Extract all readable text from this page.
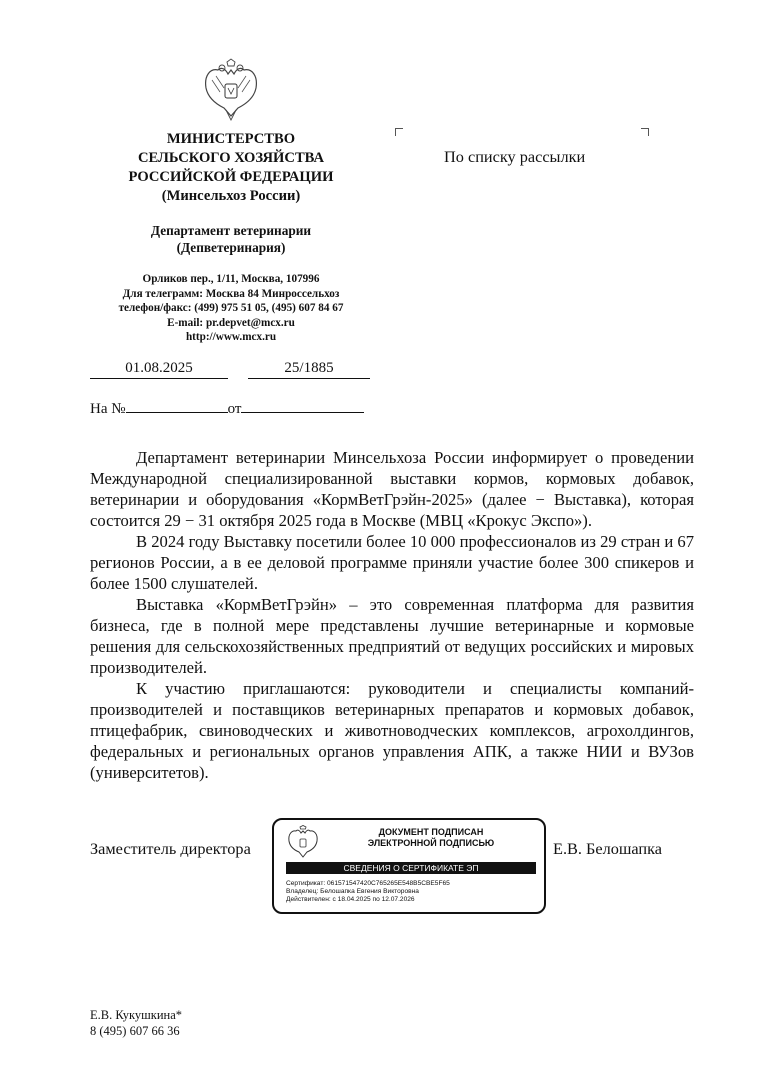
МИНИСТЕРСТВО
СЕЛЬСКОГО ХОЗЯЙСТВА
РОССИЙСКОЙ ФЕДЕРАЦИИ
(Минсельхоз России)
Департамент ветеринарии
(Депветеринария)
Орликов пер., 1/11, Москва, 107996
Для телеграмм: Москва 84 Минроссельхоз
телефон/факс: (499) 975 51 05, (495) 607 84 67
E-mail: pr.depvet@mcx.ru
http://www.mcx.ru
01.08.2025	25/1885
На №	от
По списку рассылки

Департамент ветеринарии Минсельхоза России информирует о проведении Международной специализированной выставки кормов, кормовых добавок, ветеринарии и оборудования «КормВетГрэйн-2025» (далее − Выставка), которая состоится 29 − 31 октября 2025 года в Москве (МВЦ «Крокус Экспо»).

В 2024 году Выставку посетили более 10 000 профессионалов из 29 стран и 67 регионов России, а в ее деловой программе приняли участие более 300 спикеров и более 1500 слушателей.

Выставка «КормВетГрэйн» – это современная платформа для развития бизнеса, где в полной мере представлены лучшие ветеринарные и кормовые решения для сельскохозяйственных предприятий от ведущих российских и мировых производителей.

К участию приглашаются: руководители и специалисты компаний-производителей и поставщиков ветеринарных препаратов и кормовых добавок, птицефабрик, свиноводческих и животноводческих комплексов, агрохолдингов, федеральных и региональных органов управления АПК, а также НИИ и ВУЗов (университетов).

Заместитель директора	Е.В. Белошапка
ДОКУМЕНТ ПОДПИСАН
ЭЛЕКТРОННОЙ ПОДПИСЬЮ
СВЕДЕНИЯ О СЕРТИФИКАТЕ ЭП
Сертификат: 061571547420C765265E548B5CBE5F65
Владелец: Белошапка Евгения Викторовна
Действителен: с 18.04.2025 по 12.07.2026
Е.В. Кукушкина*
8 (495) 607 66 36
